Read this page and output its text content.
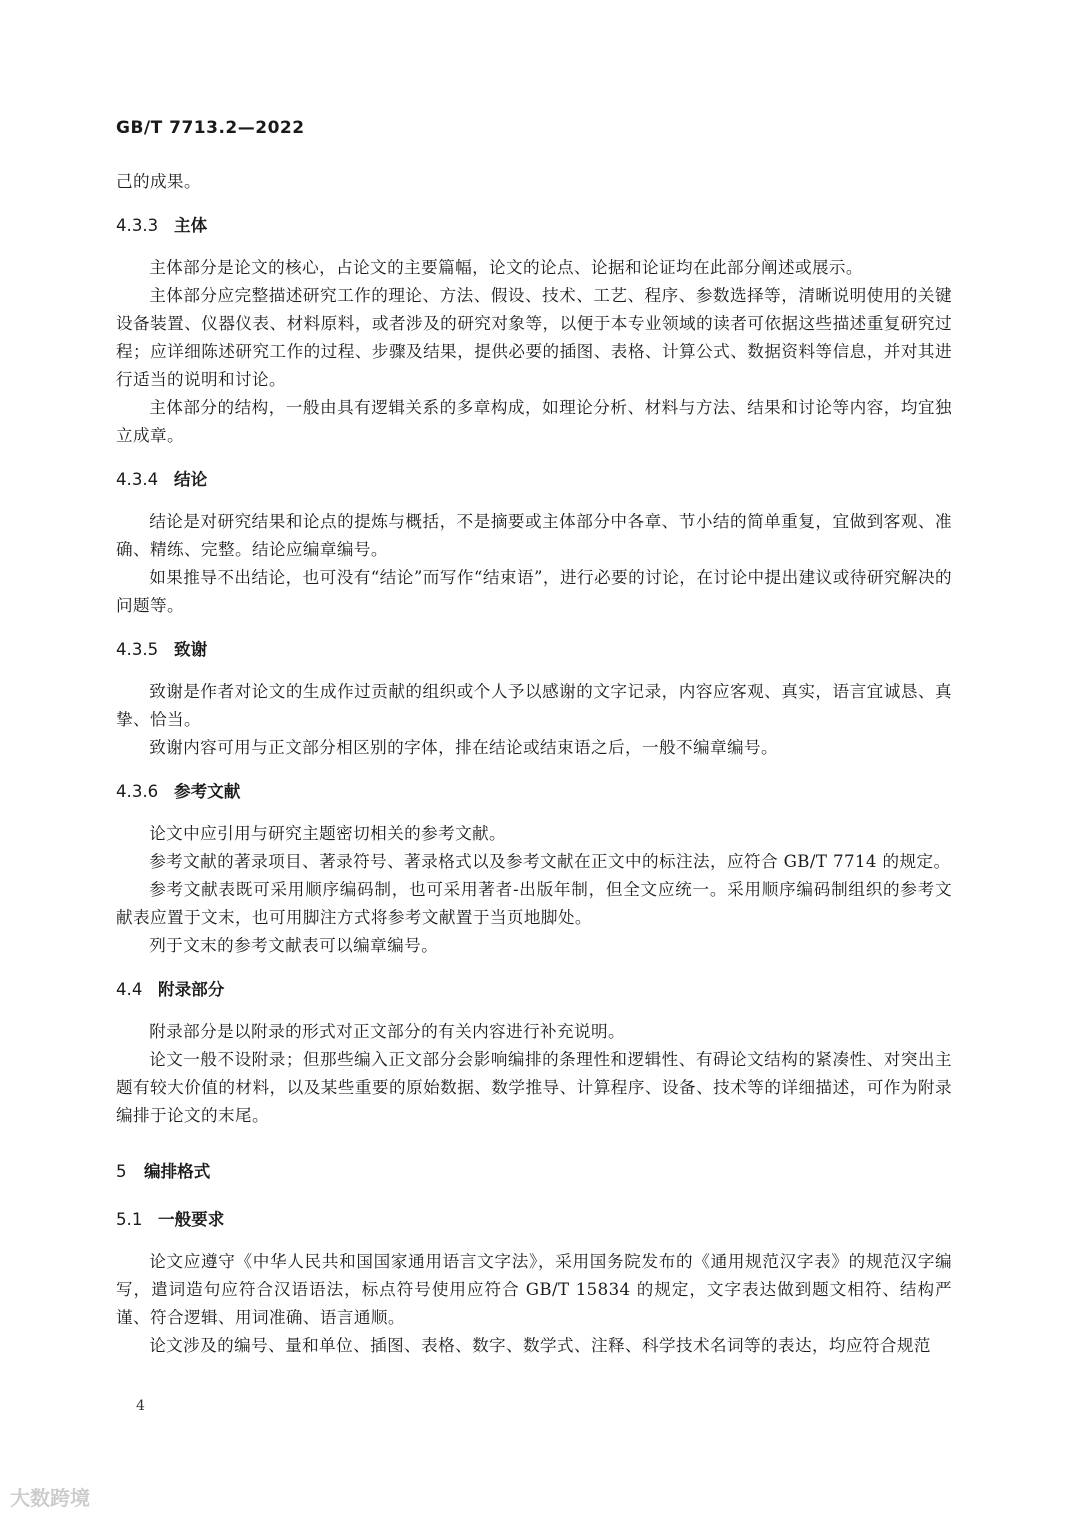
GB/T 7713.2—2022

己的成果。

4.3.3 主体

主体部分是论文的核心，占论文的主要篇幅，论文的论点、论据和论证均在此部分阐述或展示。

主体部分应完整描述研究工作的理论、方法、假设、技术、工艺、程序、参数选择等，清晰说明使用的关键设备装置、仪器仪表、材料原料，或者涉及的研究对象等，以便于本专业领域的读者可依据这些描述重复研究过程；应详细陈述研究工作的过程、步骤及结果，提供必要的插图、表格、计算公式、数据资料等信息，并对其进行适当的说明和讨论。

主体部分的结构，一般由具有逻辑关系的多章构成，如理论分析、材料与方法、结果和讨论等内容，均宜独立成章。

4.3.4 结论

结论是对研究结果和论点的提炼与概括，不是摘要或主体部分中各章、节小结的简单重复，宜做到客观、准确、精练、完整。结论应编章编号。

如果推导不出结论，也可没有“结论”而写作“结束语”，进行必要的讨论，在讨论中提出建议或待研究解决的问题等。

4.3.5 致谢

致谢是作者对论文的生成作过贡献的组织或个人予以感谢的文字记录，内容应客观、真实，语言宜诚恳、真挚、恰当。

致谢内容可用与正文部分相区别的字体，排在结论或结束语之后，一般不编章编号。

4.3.6 参考文献

论文中应引用与研究主题密切相关的参考文献。

参考文献的著录项目、著录符号、著录格式以及参考文献在正文中的标注法，应符合 GB/T 7714 的规定。

参考文献表既可采用顺序编码制，也可采用著者-出版年制，但全文应统一。采用顺序编码制组织的参考文献表应置于文末，也可用脚注方式将参考文献置于当页地脚处。

列于文末的参考文献表可以编章编号。

4.4 附录部分

附录部分是以附录的形式对正文部分的有关内容进行补充说明。

论文一般不设附录；但那些编入正文部分会影响编排的条理性和逻辑性、有碍论文结构的紧凑性、对突出主题有较大价值的材料，以及某些重要的原始数据、数学推导、计算程序、设备、技术等的详细描述，可作为附录编排于论文的末尾。

5 编排格式
5.1 一般要求

论文应遵守《中华人民共和国国家通用语言文字法》，采用国务院发布的《通用规范汉字表》的规范汉字编写，遣词造句应符合汉语语法，标点符号使用应符合 GB/T 15834 的规定，文字表达做到题文相符、结构严谨、符合逻辑、用词准确、语言通顺。

论文涉及的编号、量和单位、插图、表格、数字、数学式、注释、科学技术名词等的表达，均应符合规范

4
大数跨境
